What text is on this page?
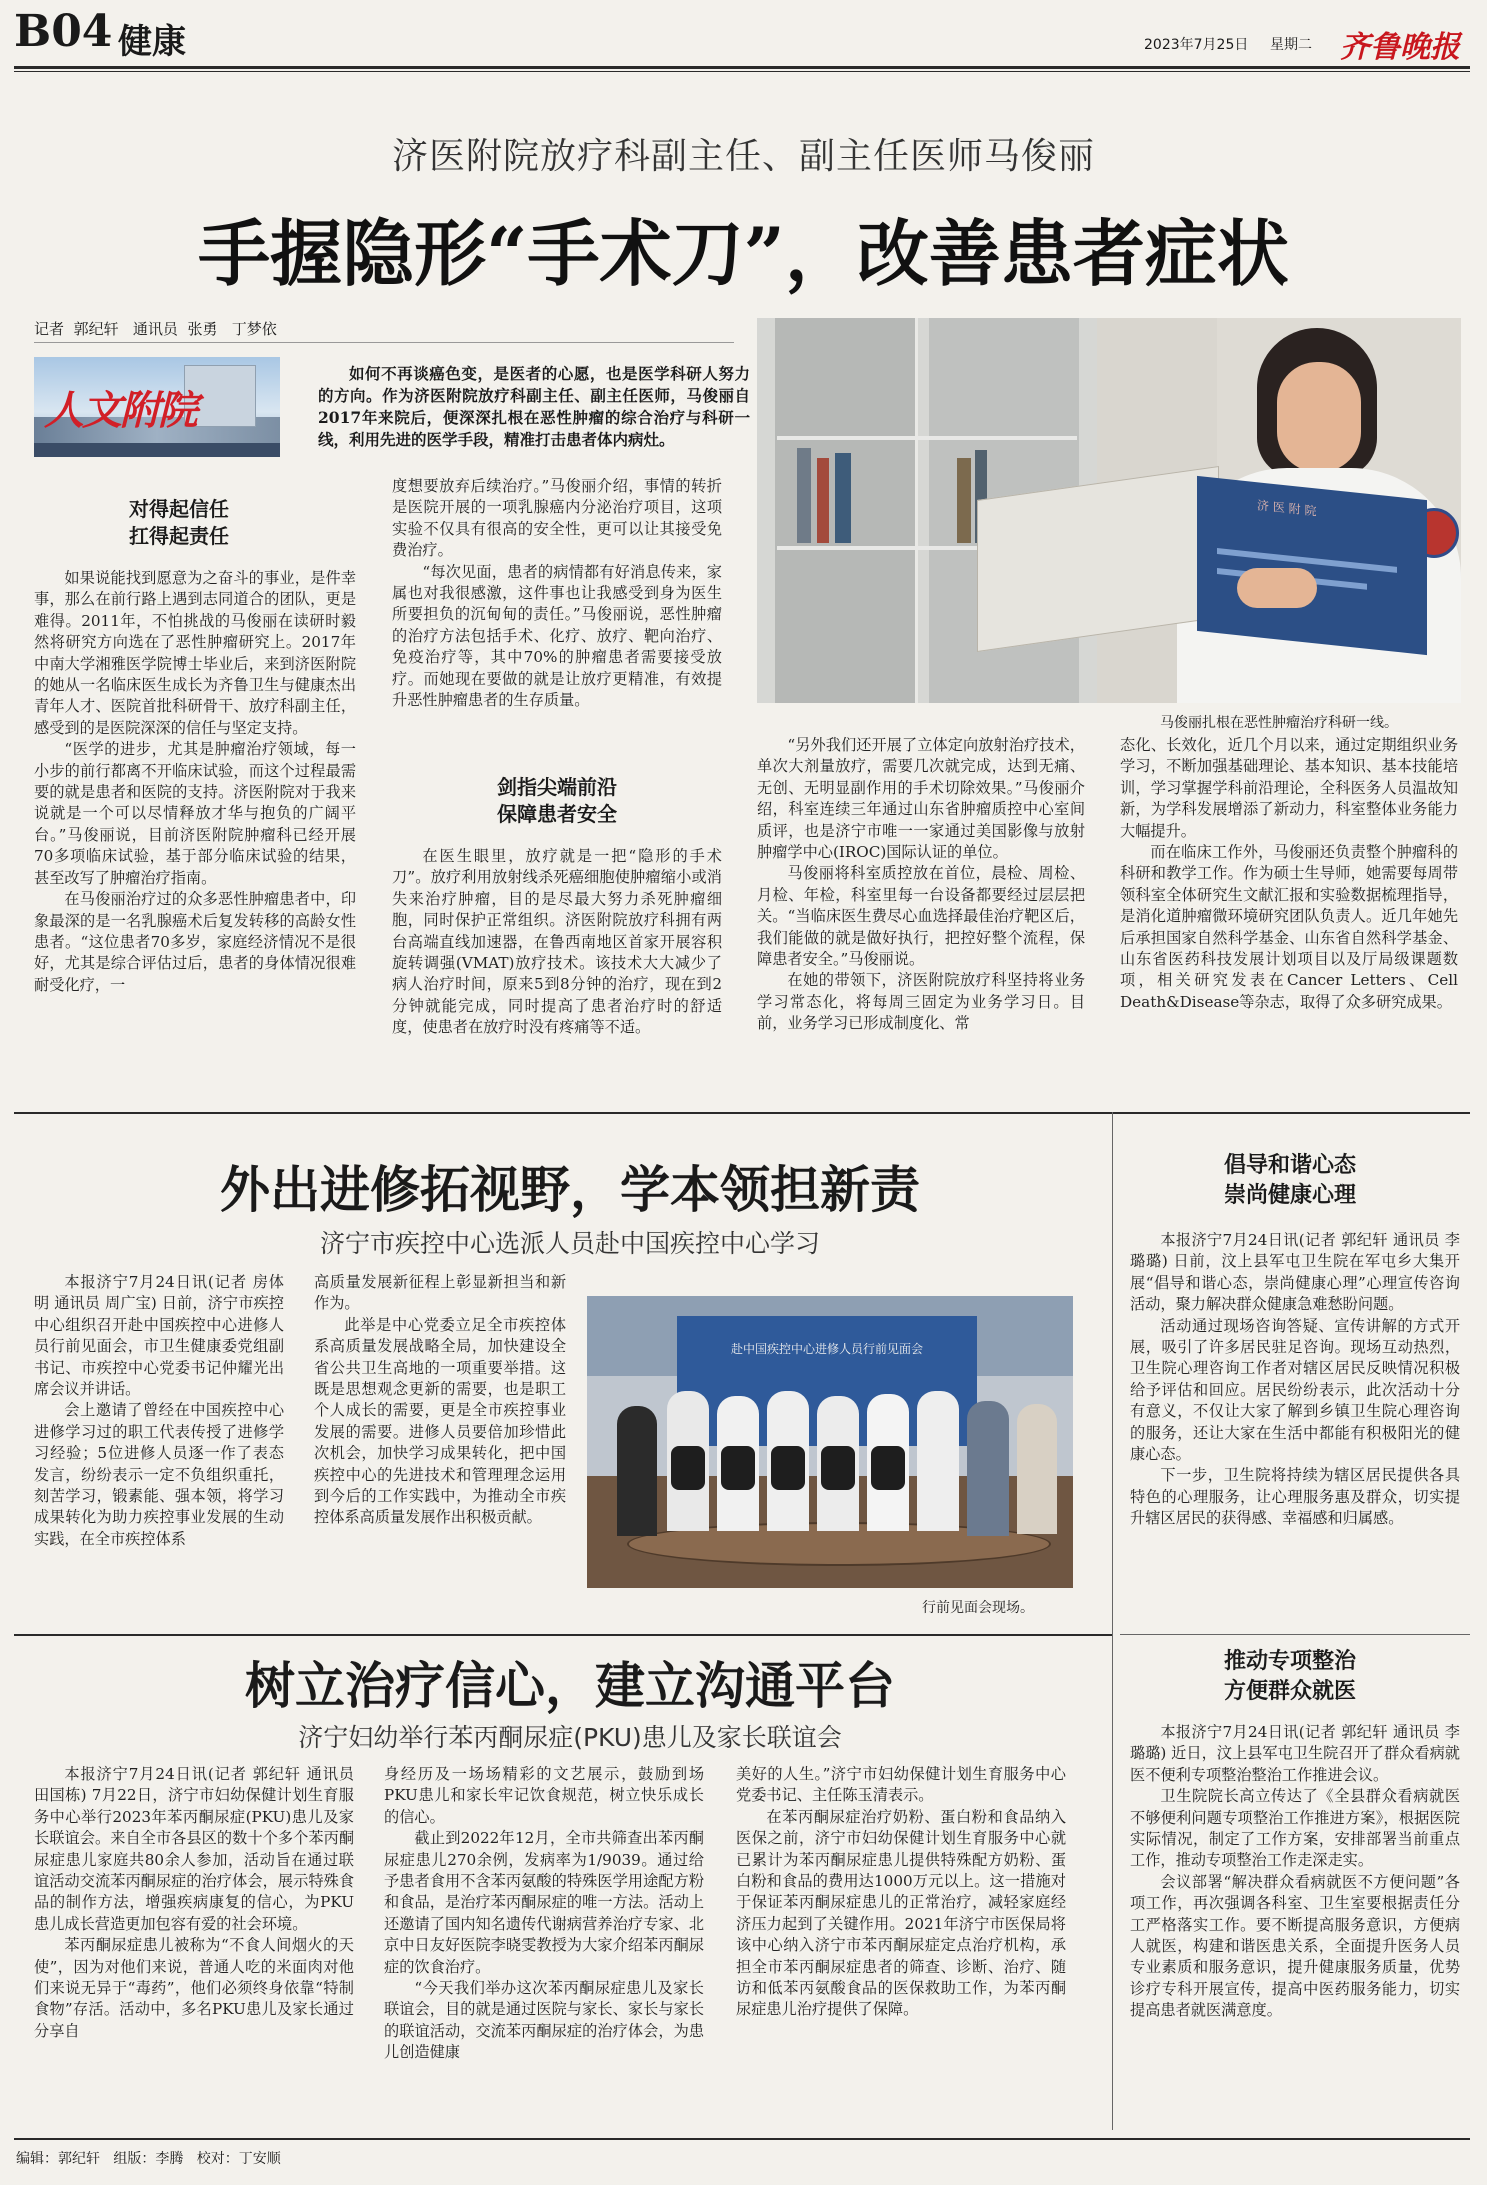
B04 健康	2023年7月25日 星期二 齐鲁晚报
济医附院放疗科副主任、副主任医师马俊丽
手握隐形“手术刀”，改善患者症状
记者 郭纪轩 通讯员 张勇 丁梦依
人文附院
如何不再谈癌色变，是医者的心愿，也是医学科研人努力的方向。作为济医附院放疗科副主任、副主任医师，马俊丽自2017年来院后，便深深扎根在恶性肿瘤的综合治疗与科研一线，利用先进的医学手段，精准打击患者体内病灶。
济 医 附 院
马俊丽扎根在恶性肿瘤治疗科研一线。
对得起信任
扛得起责任

如果说能找到愿意为之奋斗的事业，是件幸事，那么在前行路上遇到志同道合的团队，更是难得。2011年，不怕挑战的马俊丽在读研时毅然将研究方向选在了恶性肿瘤研究上。2017年中南大学湘雅医学院博士毕业后，来到济医附院的她从一名临床医生成长为齐鲁卫生与健康杰出青年人才、医院首批科研骨干、放疗科副主任，感受到的是医院深深的信任与坚定支持。

“医学的进步，尤其是肿瘤治疗领域，每一小步的前行都离不开临床试验，而这个过程最需要的就是患者和医院的支持。济医附院对于我来说就是一个可以尽情释放才华与抱负的广阔平台。”马俊丽说，目前济医附院肿瘤科已经开展70多项临床试验，基于部分临床试验的结果，甚至改写了肿瘤治疗指南。

在马俊丽治疗过的众多恶性肿瘤患者中，印象最深的是一名乳腺癌术后复发转移的高龄女性患者。“这位患者70多岁，家庭经济情况不是很好，尤其是综合评估过后，患者的身体情况很难耐受化疗，一

度想要放弃后续治疗。”马俊丽介绍，事情的转折是医院开展的一项乳腺癌内分泌治疗项目，这项实验不仅具有很高的安全性，更可以让其接受免费治疗。

“每次见面，患者的病情都有好消息传来，家属也对我很感激，这件事也让我感受到身为医生所要担负的沉甸甸的责任。”马俊丽说，恶性肿瘤的治疗方法包括手术、化疗、放疗、靶向治疗、免疫治疗等，其中70%的肿瘤患者需要接受放疗。而她现在要做的就是让放疗更精准，有效提升恶性肿瘤患者的生存质量。

剑指尖端前沿
保障患者安全

在医生眼里，放疗就是一把“隐形的手术刀”。放疗利用放射线杀死癌细胞使肿瘤缩小或消失来治疗肿瘤，目的是尽最大努力杀死肿瘤细胞，同时保护正常组织。济医附院放疗科拥有两台高端直线加速器，在鲁西南地区首家开展容积旋转调强(VMAT)放疗技术。该技术大大减少了病人治疗时间，原来5到8分钟的治疗，现在到2分钟就能完成，同时提高了患者治疗时的舒适度，使患者在放疗时没有疼痛等不适。

“另外我们还开展了立体定向放射治疗技术，单次大剂量放疗，需要几次就完成，达到无痛、无创、无明显副作用的手术切除效果。”马俊丽介绍，科室连续三年通过山东省肿瘤质控中心室间质评，也是济宁市唯一一家通过美国影像与放射肿瘤学中心(IROC)国际认证的单位。

马俊丽将科室质控放在首位，晨检、周检、月检、年检，科室里每一台设备都要经过层层把关。“当临床医生费尽心血选择最佳治疗靶区后，我们能做的就是做好执行，把控好整个流程，保障患者安全。”马俊丽说。

在她的带领下，济医附院放疗科坚持将业务学习常态化，将每周三固定为业务学习日。目前，业务学习已形成制度化、常

态化、长效化，近几个月以来，通过定期组织业务学习，不断加强基础理论、基本知识、基本技能培训，学习掌握学科前沿理论，全科医务人员温故知新，为学科发展增添了新动力，科室整体业务能力大幅提升。

而在临床工作外，马俊丽还负责整个肿瘤科的科研和教学工作。作为硕士生导师，她需要每周带领科室全体研究生文献汇报和实验数据梳理指导，是消化道肿瘤微环境研究团队负责人。近几年她先后承担国家自然科学基金、山东省自然科学基金、山东省医药科技发展计划项目以及厅局级课题数项，相关研究发表在Cancer Letters、Cell Death&Disease等杂志，取得了众多研究成果。

外出进修拓视野，学本领担新责
济宁市疾控中心选派人员赴中国疾控中心学习

本报济宁7月24日讯(记者 房体明 通讯员 周广宝) 日前，济宁市疾控中心组织召开赴中国疾控中心进修人员行前见面会，市卫生健康委党组副书记、市疾控中心党委书记仲耀光出席会议并讲话。

会上邀请了曾经在中国疾控中心进修学习过的职工代表传授了进修学习经验；5位进修人员逐一作了表态发言，纷纷表示一定不负组织重托，刻苦学习，锻素能、强本领，将学习成果转化为助力疾控事业发展的生动实践，在全市疾控体系

高质量发展新征程上彰显新担当和新作为。

此举是中心党委立足全市疾控体系高质量发展战略全局，加快建设全省公共卫生高地的一项重要举措。这既是思想观念更新的需要，也是职工个人成长的需要，更是全市疾控事业发展的需要。进修人员要倍加珍惜此次机会，加快学习成果转化，把中国疾控中心的先进技术和管理理念运用到今后的工作实践中，为推动全市疾控体系高质量发展作出积极贡献。

赴中国疾控中心进修人员行前见面会
行前见面会现场。
倡导和谐心态
崇尚健康心理

本报济宁7月24日讯(记者 郭纪轩 通讯员 李璐璐) 日前，汶上县军屯卫生院在军屯乡大集开展“倡导和谐心态，崇尚健康心理”心理宣传咨询活动，聚力解决群众健康急难愁盼问题。

活动通过现场咨询答疑、宣传讲解的方式开展，吸引了许多居民驻足咨询。现场互动热烈，卫生院心理咨询工作者对辖区居民反映情况积极给予评估和回应。居民纷纷表示，此次活动十分有意义，不仅让大家了解到乡镇卫生院心理咨询的服务，还让大家在生活中都能有积极阳光的健康心态。

下一步，卫生院将持续为辖区居民提供各具特色的心理服务，让心理服务惠及群众，切实提升辖区居民的获得感、幸福感和归属感。

推动专项整治
方便群众就医

本报济宁7月24日讯(记者 郭纪轩 通讯员 李璐璐) 近日，汶上县军屯卫生院召开了群众看病就医不便利专项整治整治工作推进会议。

卫生院院长高立传达了《全县群众看病就医不够便利问题专项整治工作推进方案》，根据医院实际情况，制定了工作方案，安排部署当前重点工作，推动专项整治工作走深走实。

会议部署“解决群众看病就医不方便问题”各项工作，再次强调各科室、卫生室要根据责任分工严格落实工作。要不断提高服务意识，方便病人就医，构建和谐医患关系，全面提升医务人员专业素质和服务意识，提升健康服务质量，优势诊疗专科开展宣传，提高中医药服务能力，切实提高患者就医满意度。

树立治疗信心，建立沟通平台
济宁妇幼举行苯丙酮尿症(PKU)患儿及家长联谊会

本报济宁7月24日讯(记者 郭纪轩 通讯员 田国栋) 7月22日，济宁市妇幼保健计划生育服务中心举行2023年苯丙酮尿症(PKU)患儿及家长联谊会。来自全市各县区的数十个多个苯丙酮尿症患儿家庭共80余人参加，活动旨在通过联谊活动交流苯丙酮尿症的治疗体会，展示特殊食品的制作方法，增强疾病康复的信心，为PKU患儿成长营造更加包容有爱的社会环境。

苯丙酮尿症患儿被称为“不食人间烟火的天使”，因为对他们来说，普通人吃的米面肉对他们来说无异于“毒药”，他们必须终身依靠“特制食物”存活。活动中，多名PKU患儿及家长通过分享自

身经历及一场场精彩的文艺展示，鼓励到场PKU患儿和家长牢记饮食规范，树立快乐成长的信心。

截止到2022年12月，全市共筛查出苯丙酮尿症患儿270余例，发病率为1/9039。通过给予患者食用不含苯丙氨酸的特殊医学用途配方粉和食品，是治疗苯丙酮尿症的唯一方法。活动上还邀请了国内知名遗传代谢病营养治疗专家、北京中日友好医院李晓雯教授为大家介绍苯丙酮尿症的饮食治疗。

“今天我们举办这次苯丙酮尿症患儿及家长联谊会，目的就是通过医院与家长、家长与家长的联谊活动，交流苯丙酮尿症的治疗体会，为患儿创造健康

美好的人生。”济宁市妇幼保健计划生育服务中心党委书记、主任陈玉清表示。

在苯丙酮尿症治疗奶粉、蛋白粉和食品纳入医保之前，济宁市妇幼保健计划生育服务中心就已累计为苯丙酮尿症患儿提供特殊配方奶粉、蛋白粉和食品的费用达1000万元以上。这一措施对于保证苯丙酮尿症患儿的正常治疗，减轻家庭经济压力起到了关键作用。2021年济宁市医保局将该中心纳入济宁市苯丙酮尿症定点治疗机构，承担全市苯丙酮尿症患者的筛查、诊断、治疗、随访和低苯丙氨酸食品的医保救助工作，为苯丙酮尿症患儿治疗提供了保障。

编辑：郭纪轩 组版：李腾 校对：丁安顺
